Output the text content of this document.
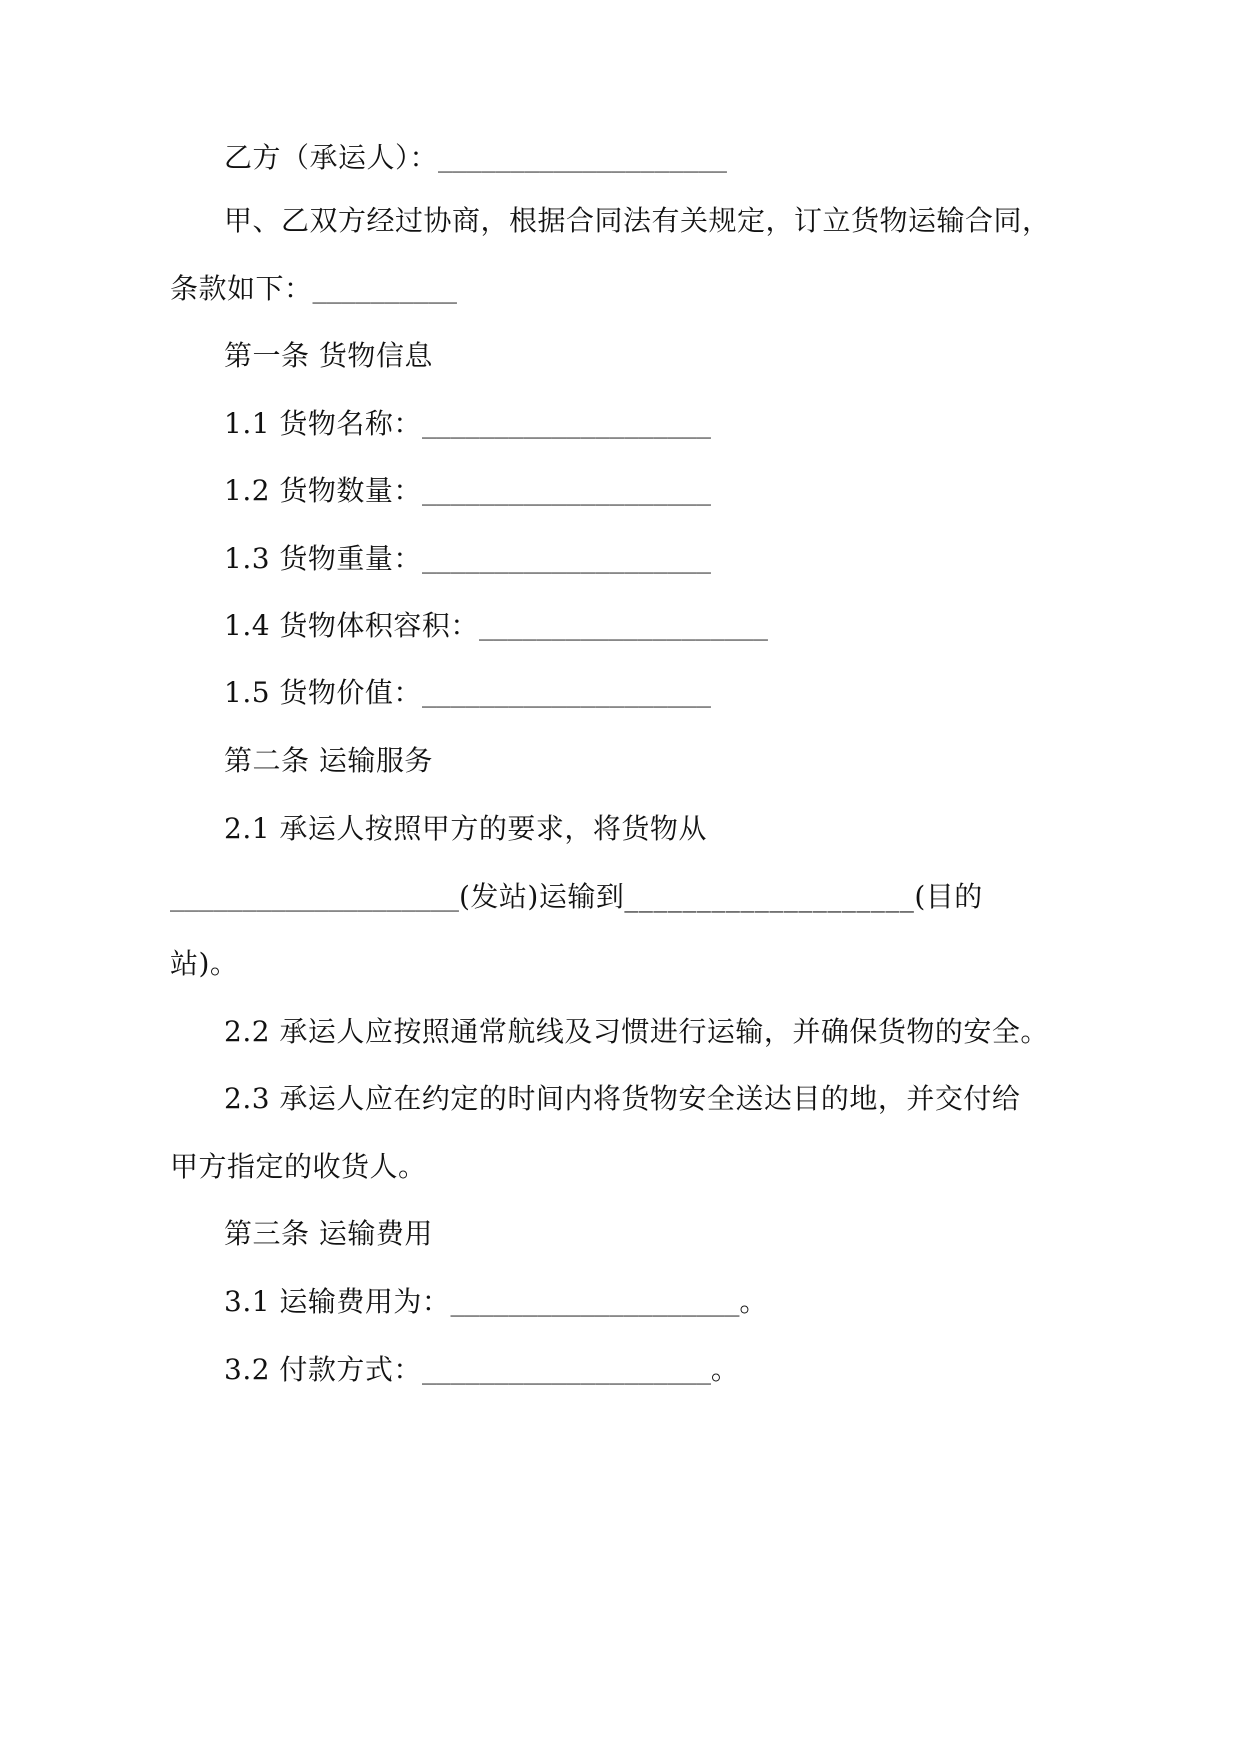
乙方（承运人）：____________________
甲、乙双方经过协商，根据合同法有关规定，订立货物运输合同，
条款如下：__________
第一条 货物信息
1.1 货物名称：____________________
1.2 货物数量：____________________
1.3 货物重量：____________________
1.4 货物体积容积：____________________
1.5 货物价值：____________________
第二条 运输服务
2.1 承运人按照甲方的要求，将货物从
____________________(发站)运输到____________________(目的
站)。
2.2 承运人应按照通常航线及习惯进行运输，并确保货物的安全。
2.3 承运人应在约定的时间内将货物安全送达目的地，并交付给
甲方指定的收货人。
第三条 运输费用
3.1 运输费用为：____________________。
3.2 付款方式：____________________。
